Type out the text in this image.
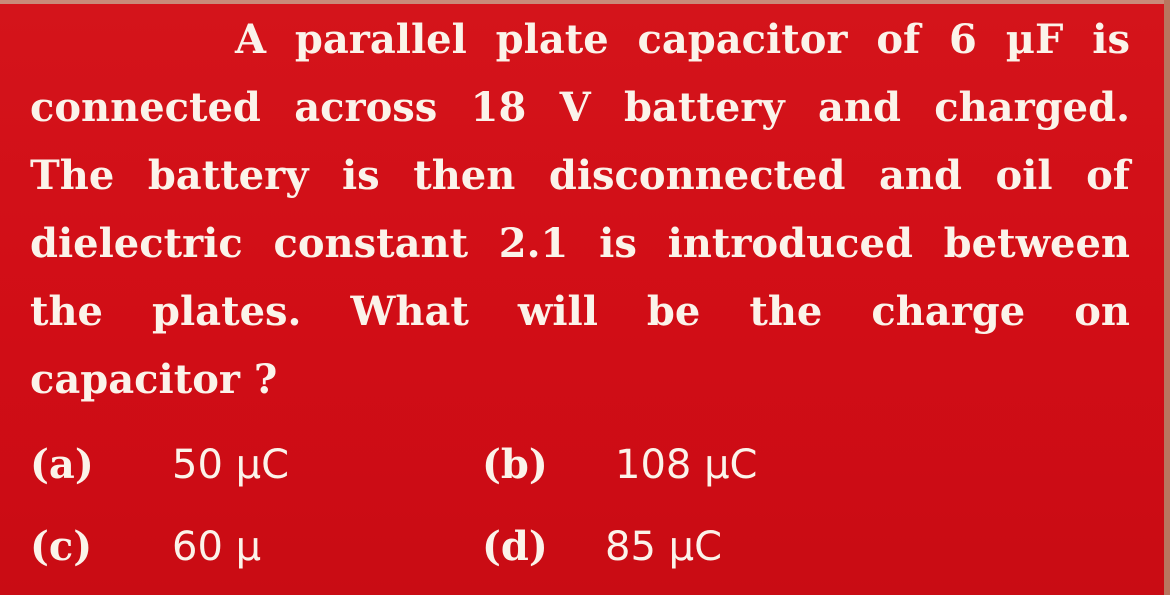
A parallel plate capacitor of 6 µF is
connected across 18 V battery and charged.
The battery is then disconnected and oil of
dielectric constant 2.1 is introduced between
the plates. What will be the charge on
capacitor ?
(a) 50 µC	(b) 108 µC
(c) 60 µ	(d) 85 µC
